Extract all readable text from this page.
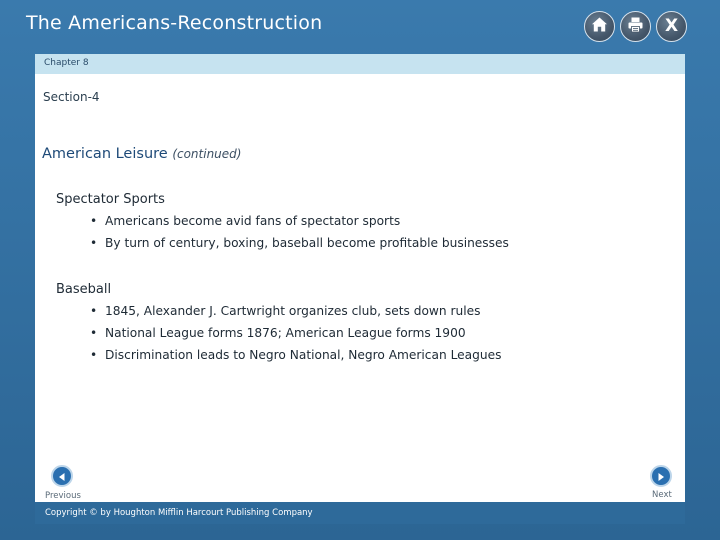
The Americans-Reconstruction	X
Chapter 8
Section-4
American Leisure (continued)
Spectator Sports
• Americans become avid fans of spectator sports
• By turn of century, boxing, baseball become profitable businesses
Baseball
• 1845, Alexander J. Cartwright organizes club, sets down rules
• National League forms 1876; American League forms 1900
• Discrimination leads to Negro National, Negro American Leagues
Previous	Next
Copyright © by Houghton Mifflin Harcourt Publishing Company
